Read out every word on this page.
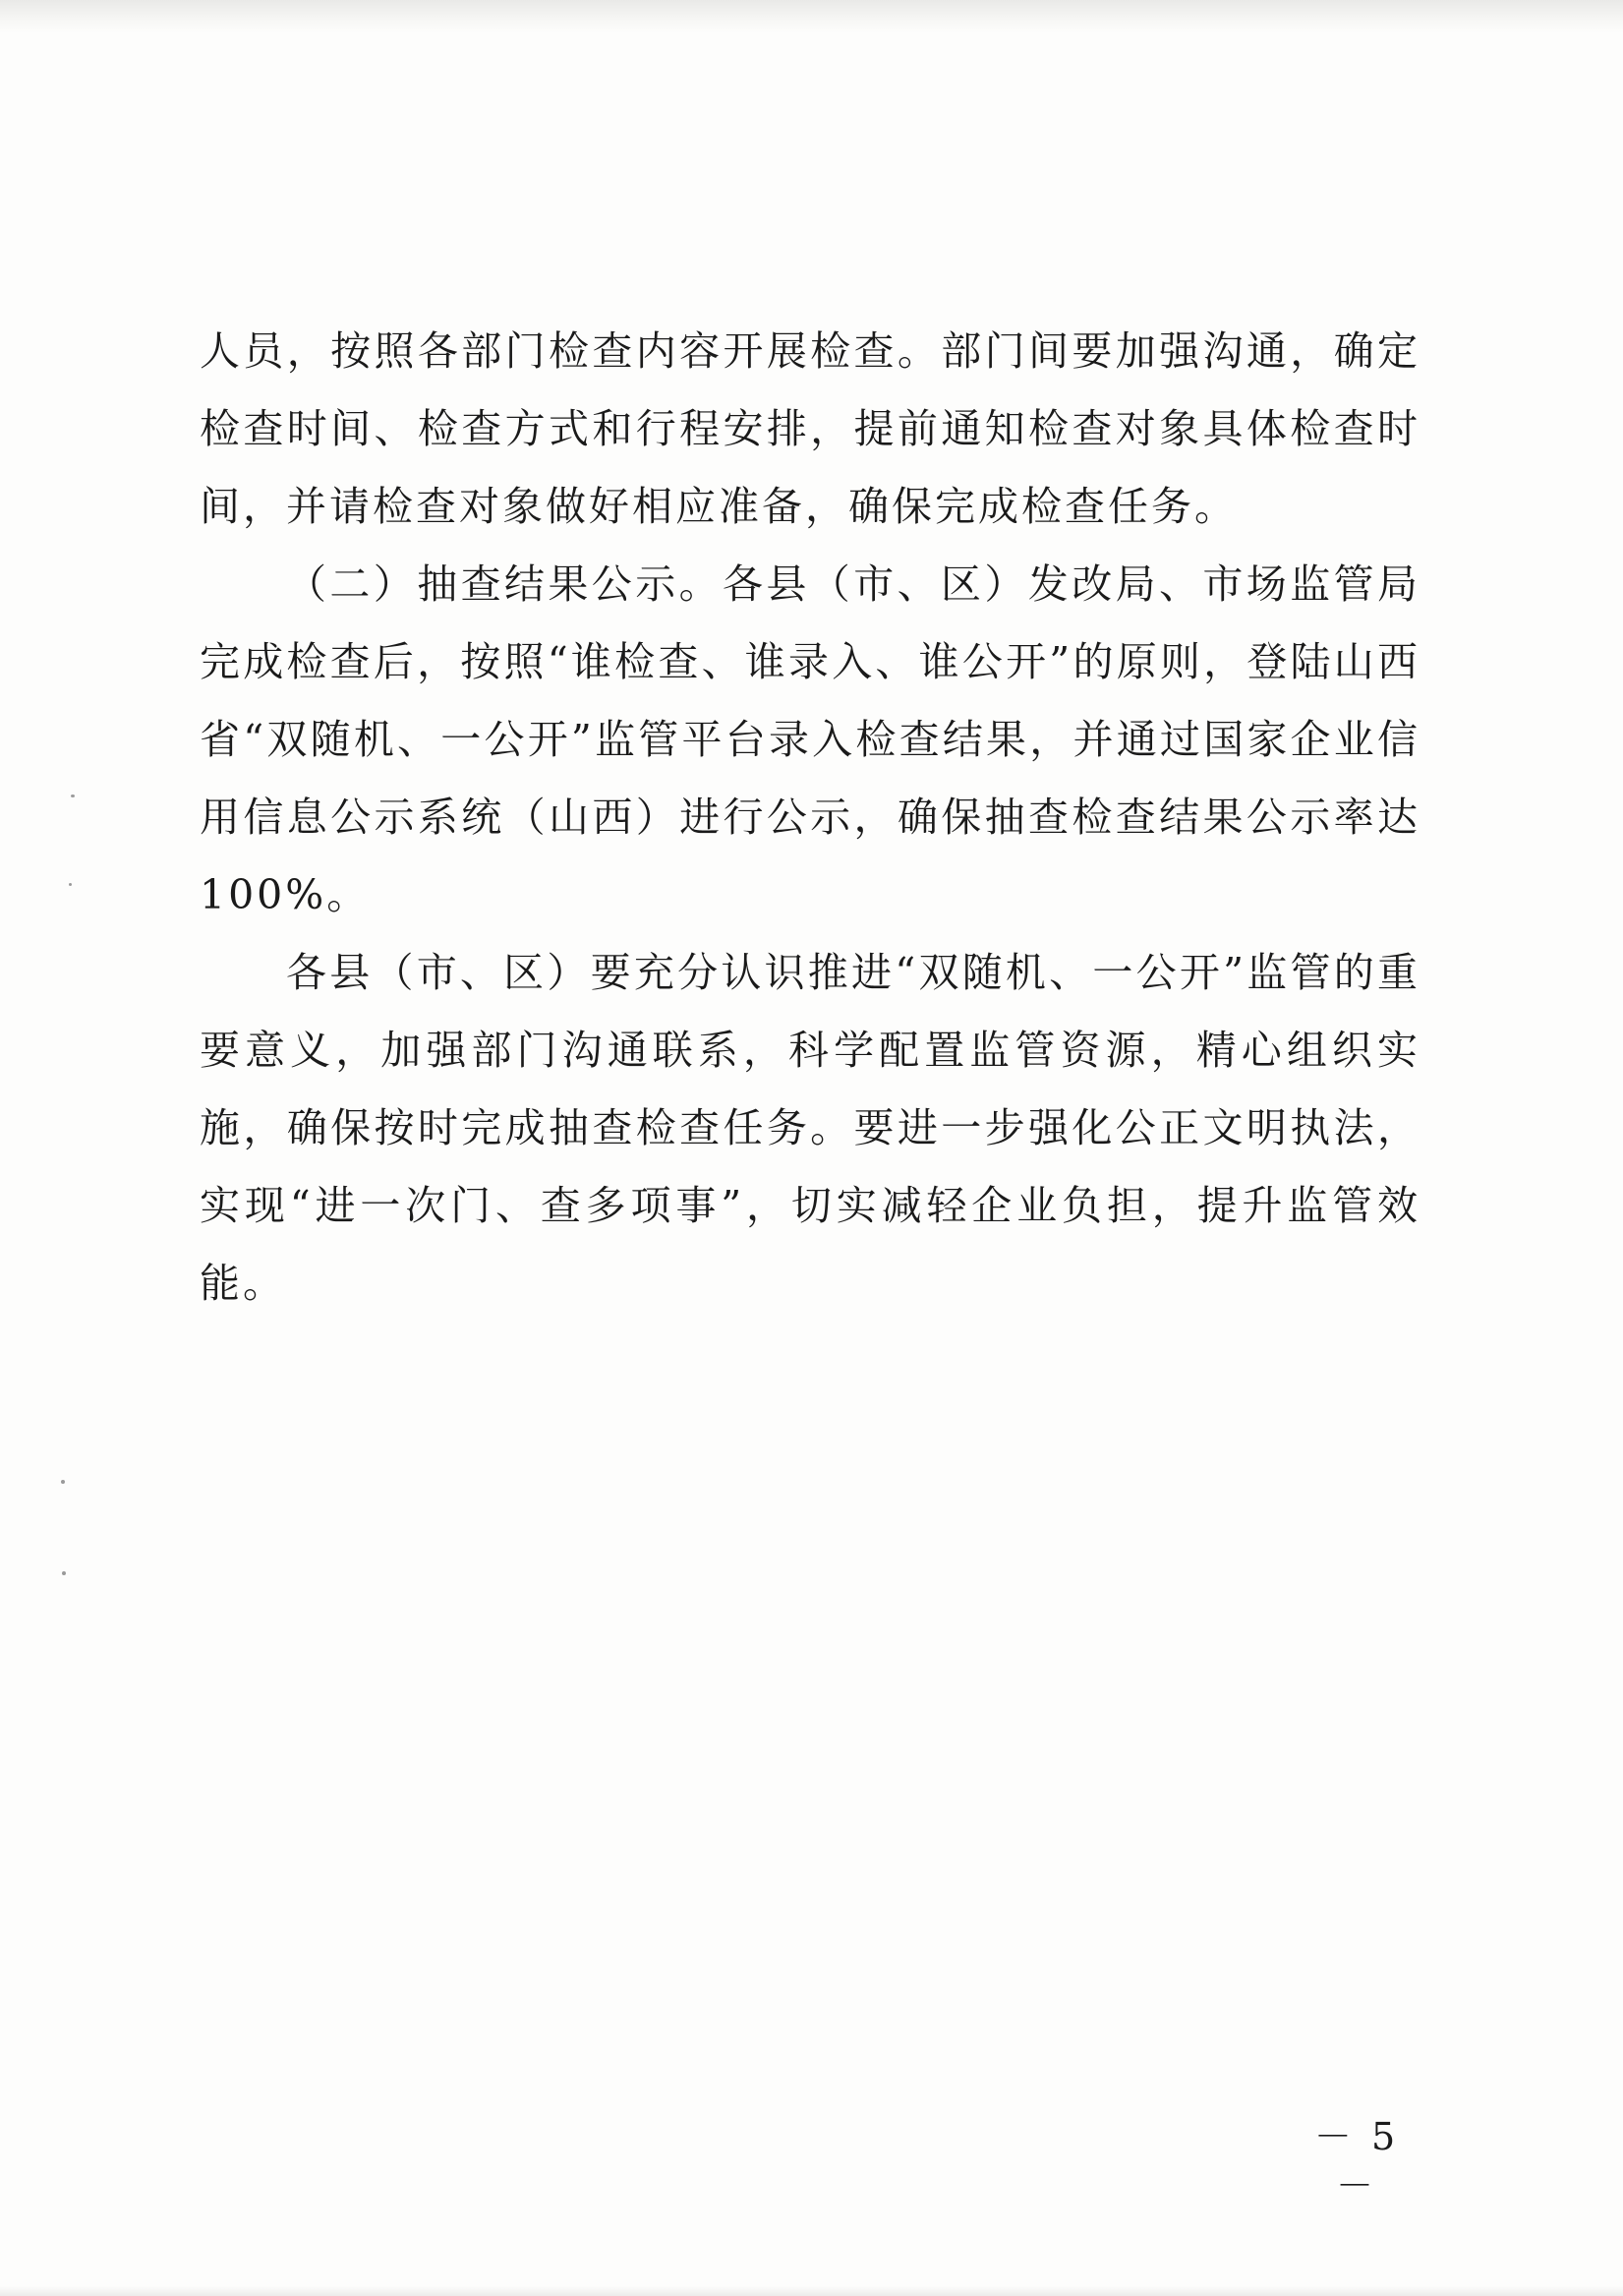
人员，按照各部门检查内容开展检查。部门间要加强沟通，确定检查时间、检查方式和行程安排，提前通知检查对象具体检查时间，并请检查对象做好相应准备，确保完成检查任务。

（二）抽查结果公示。各县（市、区）发改局、市场监管局完成检查后，按照“谁检查、谁录入、谁公开”的原则，登陆山西省“双随机、一公开”监管平台录入检查结果，并通过国家企业信用信息公示系统（山西）进行公示，确保抽查检查结果公示率达100%。

各县（市、区）要充分认识推进“双随机、一公开”监管的重要意义，加强部门沟通联系，科学配置监管资源，精心组织实施，确保按时完成抽查检查任务。要进一步强化公正文明执法，实现“进一次门、查多项事”，切实减轻企业负担，提升监管效能。

－ 5 －
